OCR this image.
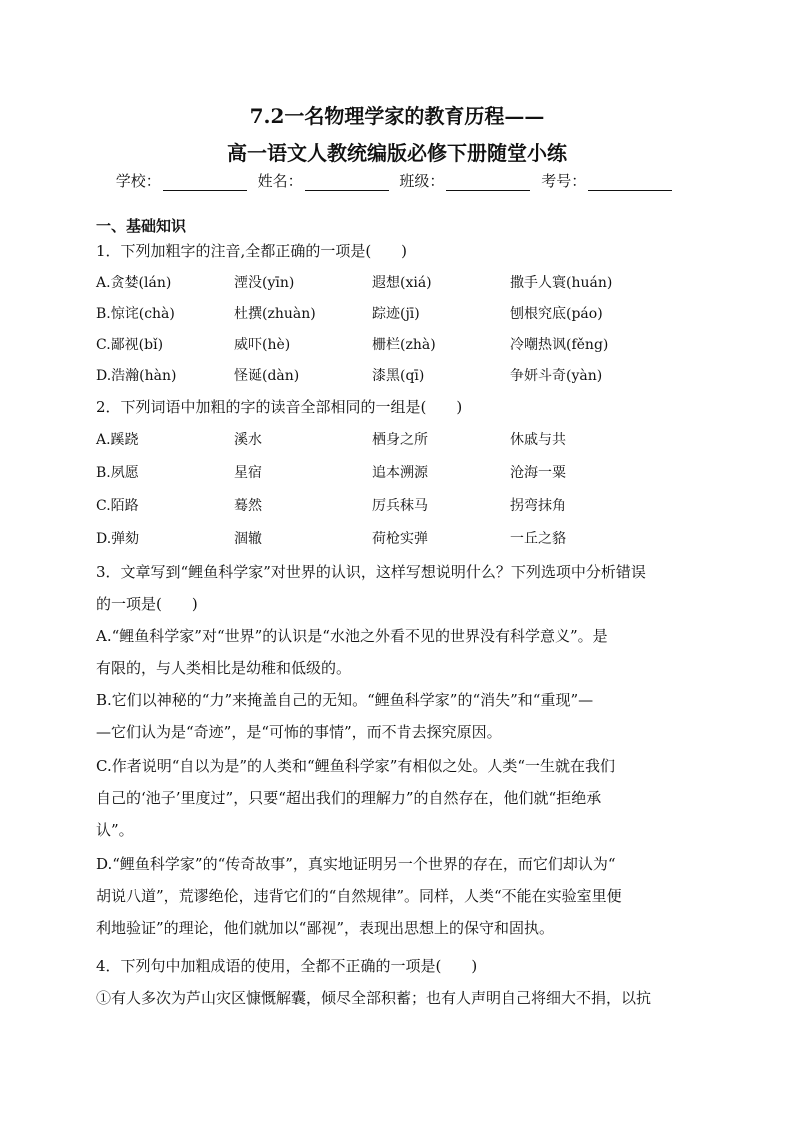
7.2一名物理学家的教育历程——
高一语文人教统编版必修下册随堂小练
学校：	姓名：	班级：	考号：
一、基础知识
1．下列加粗字的注音,全都正确的一项是(　　)
A.贪婪(lán)	湮没(yīn)	遐想(xiá)	撒手人寰(huán)
B.惊诧(chà)	杜撰(zhuàn)	踪迹(jī)	刨根究底(páo)
C.鄙视(bǐ)	威吓(hè)	栅栏(zhà)	冷嘲热讽(fěng)
D.浩瀚(hàn)	怪诞(dàn)	漆黑(qī)	争妍斗奇(yàn)
2．下列词语中加粗的字的读音全部相同的一组是(　　)
A.蹊跷	溪水	栖身之所	休戚与共
B.夙愿	星宿	追本溯源	沧海一粟
C.陌路	蓦然	厉兵秣马	拐弯抹角
D.弹劾	涸辙	荷枪实弹	一丘之貉
3．文章写到“鲤鱼科学家”对世界的认识，这样写想说明什么？下列选项中分析错误
的一项是(　　)
A.“鲤鱼科学家”对“世界”的认识是“水池之外看不见的世界没有科学意义”。是
有限的，与人类相比是幼稚和低级的。
B.它们以神秘的“力”来掩盖自己的无知。“鲤鱼科学家”的“消失”和“重现”—
—它们认为是“奇迹”，是“可怖的事情”，而不肯去探究原因。
C.作者说明“自以为是”的人类和“鲤鱼科学家”有相似之处。人类“一生就在我们
自己的‘池子’里度过”，只要“超出我们的理解力”的自然存在，他们就“拒绝承
认”。
D.“鲤鱼科学家”的“传奇故事”，真实地证明另一个世界的存在，而它们却认为“
胡说八道”，荒谬绝伦，违背它们的“自然规律”。同样，人类“不能在实验室里便
利地验证”的理论，他们就加以“鄙视”，表现出思想上的保守和固执。
4．下列句中加粗成语的使用，全都不正确的一项是(　　)
①有人多次为芦山灾区慷慨解囊，倾尽全部积蓄；也有人声明自己将细大不捐，以抗
